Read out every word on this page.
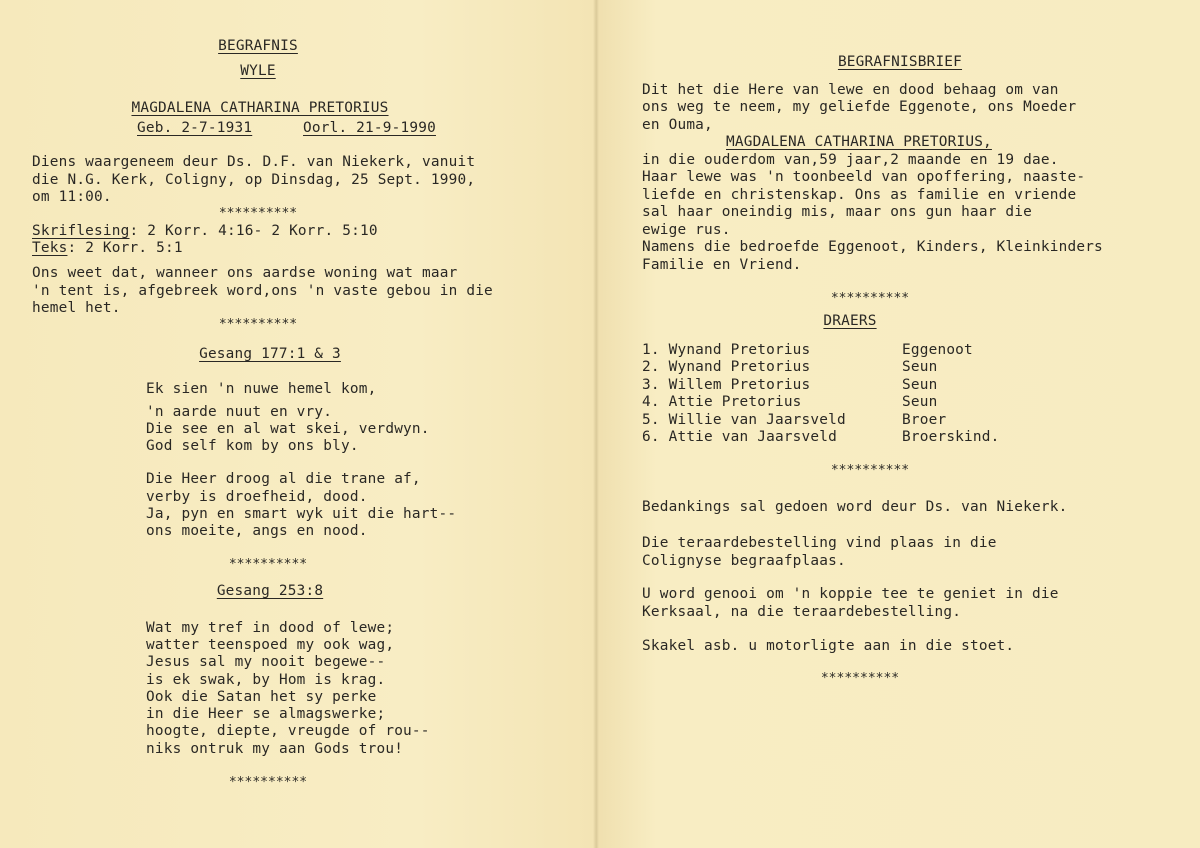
BEGRAFNIS
WYLE
MAGDALENA CATHARINA PRETORIUS
Geb. 2-7-1931	Oorl. 21-9-1990
Diens waargeneem deur Ds. D.F. van Niekerk, vanuit
die N.G. Kerk, Coligny, op Dinsdag, 25 Sept. 1990,
om 11:00.
**********
Skriflesing: 2 Korr. 4:16- 2 Korr. 5:10
Teks: 2 Korr. 5:1
Ons weet dat, wanneer ons aardse woning wat maar
'n tent is, afgebreek word,ons 'n vaste gebou in die
hemel het.
**********
Gesang 177:1 & 3
Ek sien 'n nuwe hemel kom,
'n aarde nuut en vry.
Die see en al wat skei, verdwyn.
God self kom by ons bly.
Die Heer droog al die trane af,
verby is droefheid, dood.
Ja, pyn en smart wyk uit die hart--
ons moeite, angs en nood.
**********
Gesang 253:8
Wat my tref in dood of lewe;
watter teenspoed my ook wag,
Jesus sal my nooit begewe--
is ek swak, by Hom is krag.
Ook die Satan het sy perke
in die Heer se almagswerke;
hoogte, diepte, vreugde of rou--
niks ontruk my aan Gods trou!
**********
BEGRAFNISBRIEF
Dit het die Here van lewe en dood behaag om van
ons weg te neem, my geliefde Eggenote, ons Moeder
en Ouma,
MAGDALENA CATHARINA PRETORIUS,
in die ouderdom van,59 jaar,2 maande en 19 dae.
Haar lewe was 'n toonbeeld van opoffering, naaste-
liefde en christenskap. Ons as familie en vriende
sal haar oneindig mis, maar ons gun haar die
ewige rus.
Namens die bedroefde Eggenoot, Kinders, Kleinkinders
Familie en Vriend.
**********
DRAERS
1. Wynand Pretorius	Eggenoot
2. Wynand Pretorius	Seun
3. Willem Pretorius	Seun
4. Attie Pretorius	Seun
5. Willie van Jaarsveld	Broer
6. Attie van Jaarsveld	Broerskind.
**********
Bedankings sal gedoen word deur Ds. van Niekerk.
Die teraardebestelling vind plaas in die
Colignyse begraafplaas.
U word genooi om 'n koppie tee te geniet in die
Kerksaal, na die teraardebestelling.
Skakel asb. u motorligte aan in die stoet.
**********
